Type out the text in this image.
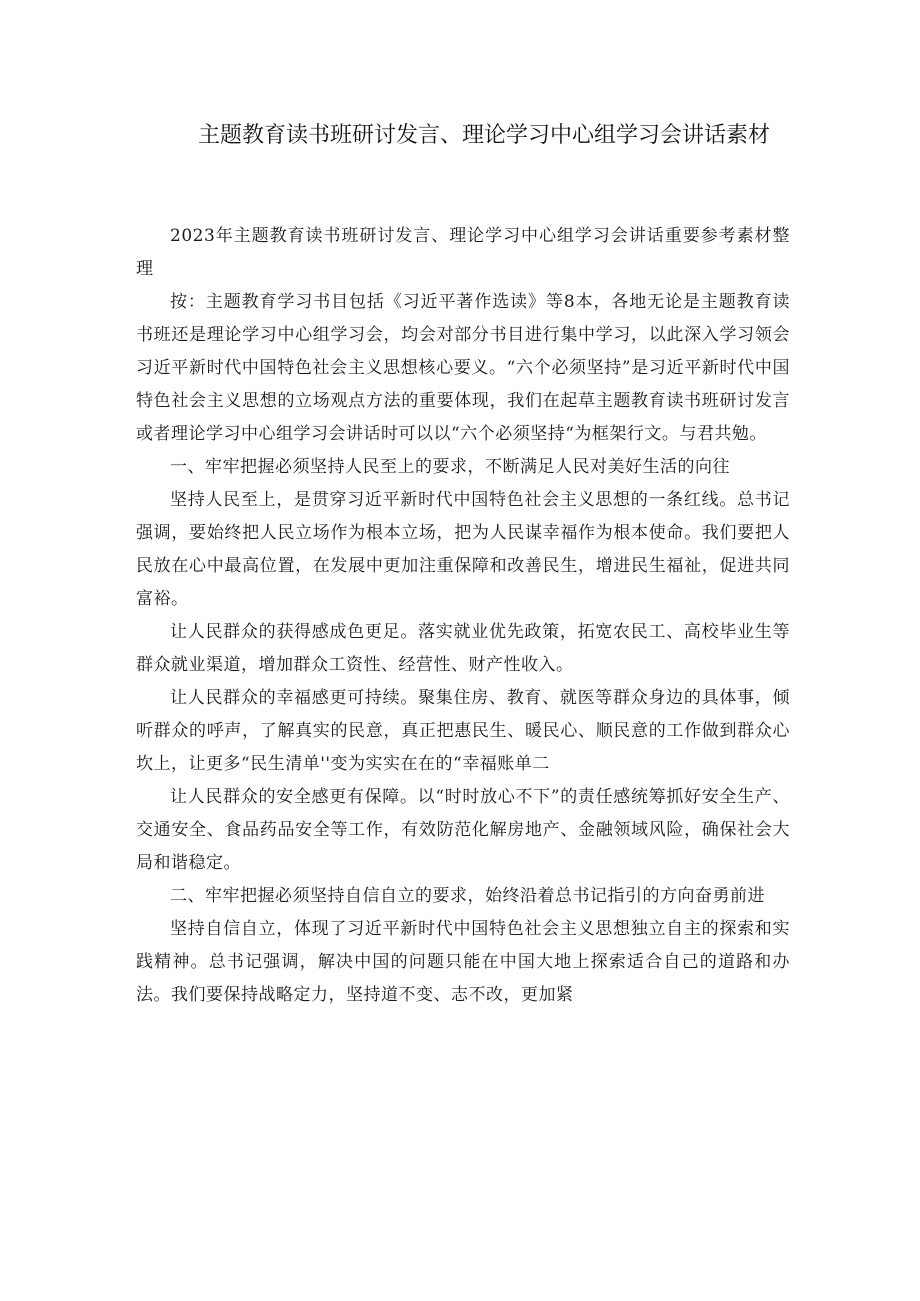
主题教育读书班研讨发言、理论学习中心组学习会讲话素材

2023年主题教育读书班研讨发言、理论学习中心组学习会讲话重要参考素材整理

按：主题教育学习书目包括《习近平著作选读》等8本，各地无论是主题教育读书班还是理论学习中心组学习会，均会对部分书目进行集中学习，以此深入学习领会习近平新时代中国特色社会主义思想核心要义。“六个必须坚持”是习近平新时代中国特色社会主义思想的立场观点方法的重要体现，我们在起草主题教育读书班研讨发言或者理论学习中心组学习会讲话时可以以“六个必须坚持“为框架行文。与君共勉。

一、牢牢把握必须坚持人民至上的要求，不断满足人民对美好生活的向往

坚持人民至上，是贯穿习近平新时代中国特色社会主义思想的一条红线。总书记强调，要始终把人民立场作为根本立场，把为人民谋幸福作为根本使命。我们要把人民放在心中最高位置，在发展中更加注重保障和改善民生，增进民生福祉，促进共同富裕。

让人民群众的获得感成色更足。落实就业优先政策，拓宽农民工、高校毕业生等群众就业渠道，增加群众工资性、经营性、财产性收入。

让人民群众的幸福感更可持续。聚集住房、教育、就医等群众身边的具体事，倾听群众的呼声，了解真实的民意，真正把惠民生、暖民心、顺民意的工作做到群众心坎上，让更多“民生清单''变为实实在在的“幸福账单二

让人民群众的安全感更有保障。以“时时放心不下”的责任感统筹抓好安全生产、交通安全、食品药品安全等工作，有效防范化解房地产、金融领域风险，确保社会大局和谐稳定。

二、牢牢把握必须坚持自信自立的要求，始终沿着总书记指引的方向奋勇前进

坚持自信自立，体现了习近平新时代中国特色社会主义思想独立自主的探索和实践精神。总书记强调，解决中国的问题只能在中国大地上探索适合自己的道路和办法。我们要保持战略定力，坚持道不变、志不改，更加紧
